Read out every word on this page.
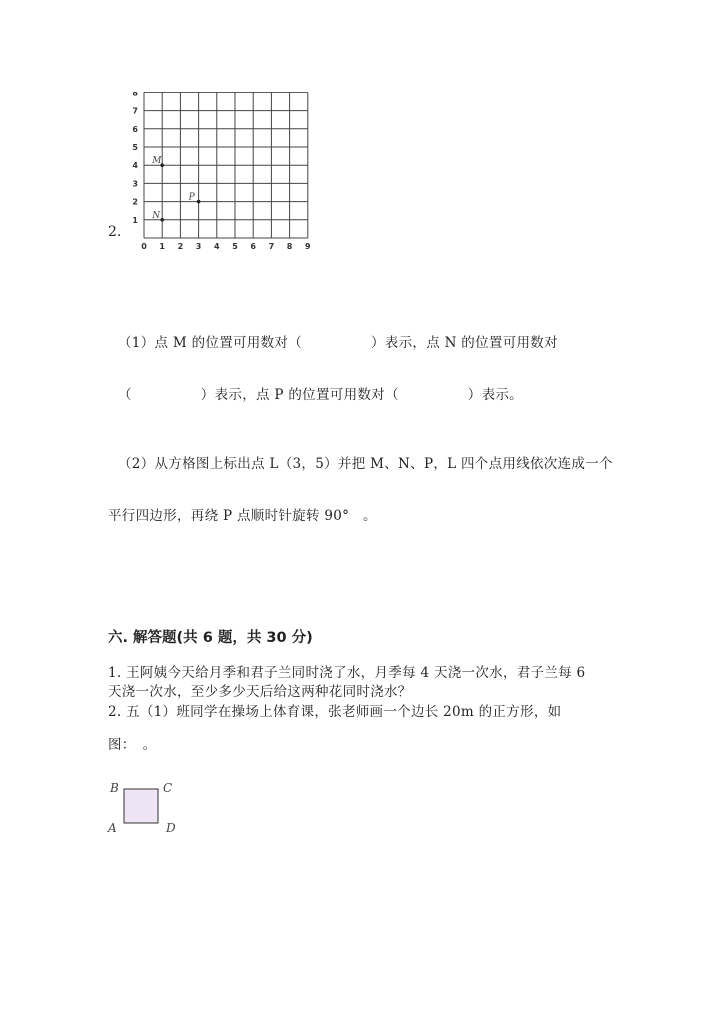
2.
0 1 2 3 4 5 6 7 8 9
1
2
3
4
5
6
7
8
M
N
P
（1）点 M 的位置可用数对（　　　　　）表示，点 N 的位置可用数对
（　　　　　）表示，点 P 的位置可用数对（　　　　　）表示。
（2）从方格图上标出点 L（3，5）并把 M、N、P，L 四个点用线依次连成一个
平行四边形，再绕 P 点顺时针旋转 90°　。
六. 解答题(共 6 题，共 30 分)
1. 王阿姨今天给月季和君子兰同时浇了水，月季每 4 天浇一次水，君子兰每 6
天浇一次水，至少多少天后给这两种花同时浇水？
2. 五（1）班同学在操场上体育课，张老师画一个边长 20m 的正方形，如
图：　。
B	C
A	D
